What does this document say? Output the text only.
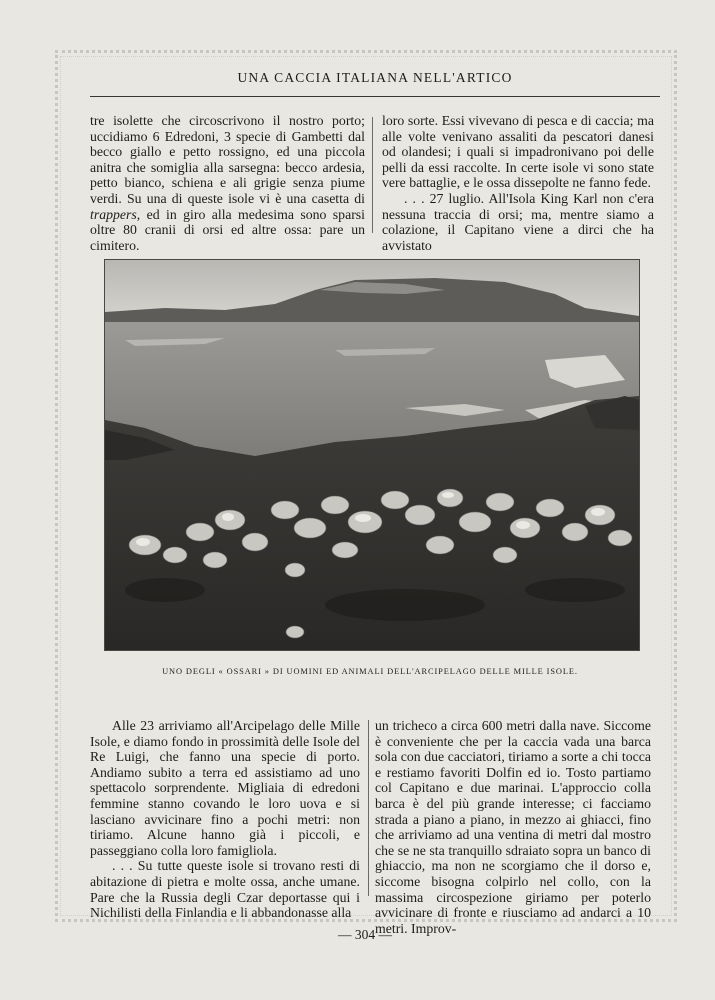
UNA CACCIA ITALIANA NELL'ARTICO

tre isolette che circoscrivono il nostro porto; uccidiamo 6 Edredoni, 3 specie di Gambetti dal becco giallo e petto rossigno, ed una piccola anitra che somiglia alla sarsegna: becco ardesia, petto bianco, schiena e ali grigie senza piume verdi. Su una di queste isole vi è una casetta di trappers, ed in giro alla medesima sono sparsi oltre 80 cranii di orsi ed altre ossa: pare un cimitero.

loro sorte. Essi vivevano di pesca e di caccia; ma alle volte venivano assaliti da pescatori danesi od olandesi; i quali si impadronivano poi delle pelli da essi raccolte. In certe isole vi sono state vere battaglie, e le ossa dissepolte ne fanno fede.

. . . 27 luglio. All'Isola King Karl non c'era nessuna traccia di orsi; ma, mentre siamo a colazione, il Capitano viene a dirci che ha avvistato

UNO DEGLI « OSSARI » DI UOMINI ED ANIMALI DELL'ARCIPELAGO DELLE MILLE ISOLE.

Alle 23 arriviamo all'Arcipelago delle Mille Isole, e diamo fondo in prossimità delle Isole del Re Luigi, che fanno una specie di porto. Andiamo subito a terra ed assistiamo ad uno spettacolo sorprendente. Migliaia di edredoni femmine stanno covando le loro uova e si lasciano avvicinare fino a pochi metri: non tiriamo. Alcune hanno già i piccoli, e passeggiano colla loro famigliola.

. . . Su tutte queste isole si trovano resti di abitazione di pietra e molte ossa, anche umane. Pare che la Russia degli Czar deportasse qui i Nichilisti della Finlandia e li abbandonasse alla

un tricheco a circa 600 metri dalla nave. Siccome è conveniente che per la caccia vada una barca sola con due cacciatori, tiriamo a sorte a chi tocca e restiamo favoriti Dolfin ed io. Tosto partiamo col Capitano e due marinai. L'approccio colla barca è del più grande interesse; ci facciamo strada a piano a piano, in mezzo ai ghiacci, fino che arriviamo ad una ventina di metri dal mostro che se ne sta tranquillo sdraiato sopra un banco di ghiaccio, ma non ne scorgiamo che il dorso e, siccome bisogna colpirlo nel collo, con la massima circospezione giriamo per poterlo avvicinare di fronte e riusciamo ad andarci a 10 metri. Improv-

— 304 —
